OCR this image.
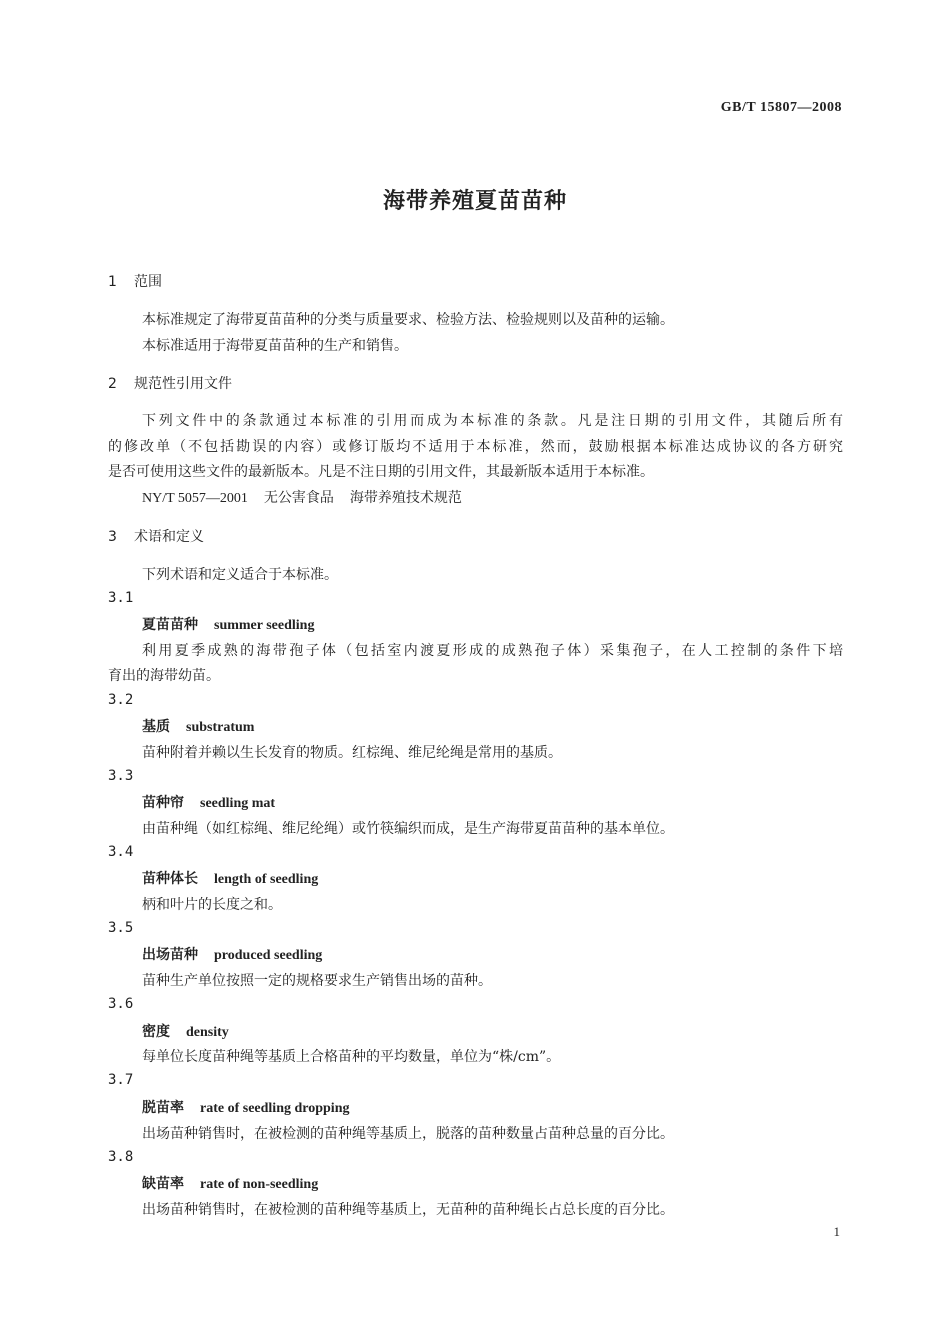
GB/T 15807—2008
海带养殖夏苗苗种
1 范围
本标准规定了海带夏苗苗种的分类与质量要求、检验方法、检验规则以及苗种的运输。
本标准适用于海带夏苗苗种的生产和销售。
2 规范性引用文件
下列文件中的条款通过本标准的引用而成为本标准的条款。凡是注日期的引用文件，其随后所有
的修改单（不包括勘误的内容）或修订版均不适用于本标准，然而，鼓励根据本标准达成协议的各方研究
是否可使用这些文件的最新版本。凡是不注日期的引用文件，其最新版本适用于本标准。
NY/T 5057—2001 无公害食品 海带养殖技术规范
3 术语和定义
下列术语和定义适合于本标准。
3.1
夏苗苗种 summer seedling
利用夏季成熟的海带孢子体（包括室内渡夏形成的成熟孢子体）采集孢子，在人工控制的条件下培
育出的海带幼苗。
3.2
基质 substratum
苗种附着并赖以生长发育的物质。红棕绳、维尼纶绳是常用的基质。
3.3
苗种帘 seedling mat
由苗种绳（如红棕绳、维尼纶绳）或竹筷编织而成，是生产海带夏苗苗种的基本单位。
3.4
苗种体长 length of seedling
柄和叶片的长度之和。
3.5
出场苗种 produced seedling
苗种生产单位按照一定的规格要求生产销售出场的苗种。
3.6
密度 density
每单位长度苗种绳等基质上合格苗种的平均数量，单位为“株/cm”。
3.7
脱苗率 rate of seedling dropping
出场苗种销售时，在被检测的苗种绳等基质上，脱落的苗种数量占苗种总量的百分比。
3.8
缺苗率 rate of non-seedling
出场苗种销售时，在被检测的苗种绳等基质上，无苗种的苗种绳长占总长度的百分比。
1
